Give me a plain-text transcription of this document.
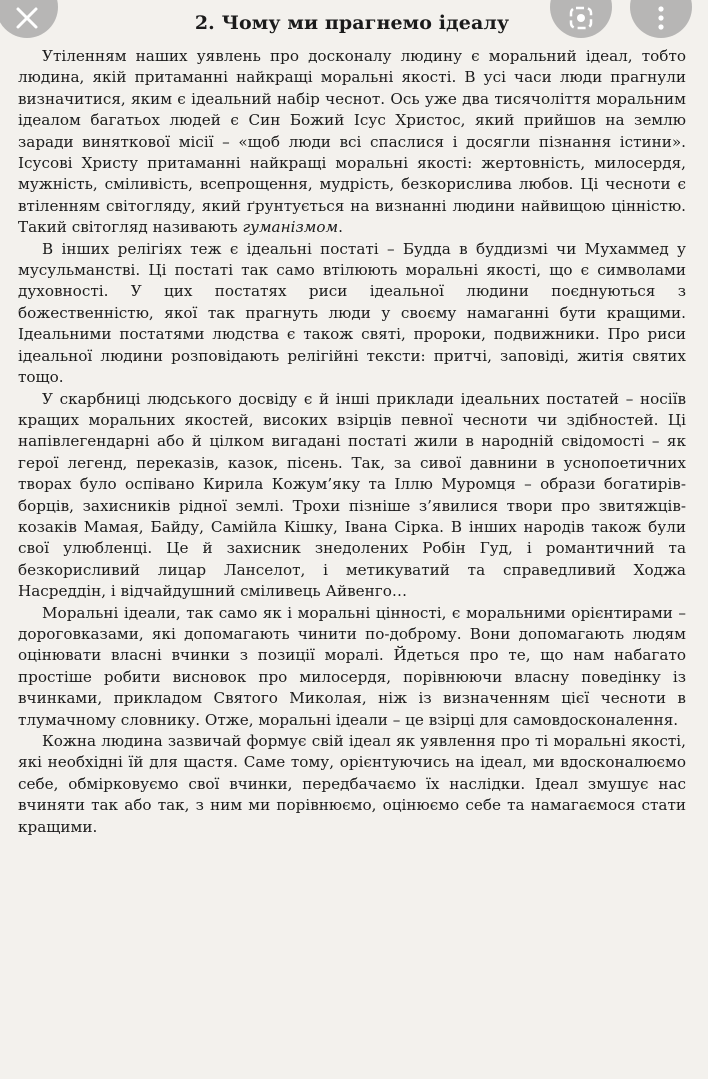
2. Чому ми прагнемо ідеалу

Утіленням наших уявлень про досконалу людину є моральний ідеал, тобто людина, якій притаманні найкращі моральні якості. В усі часи люди прагнули визначитися, яким є ідеальний набір чеснот. Ось уже два тисячоліття моральним ідеалом багатьох людей є Син Божий Ісус Христос, який прийшов на землю заради виняткової місії – «щоб люди всі спаслися і досягли пізнання істини». Ісусові Христу притаманні найкращі моральні якості: жертовність, милосердя, мужність, сміливість, всепрощення, мудрість, безкорислива любов. Ці чесноти є втіленням світогляду, який ґрунтується на визнанні людини найвищою цінністю. Такий світогляд називають гуманізмом.

В інших релігіях теж є ідеальні постаті – Будда в буддизмі чи Мухаммед у мусульманстві. Ці постаті так само втілюють моральні якості, що є символами духовності. У цих постатях риси ідеальної людини поєднуються з божественністю, якої так прагнуть люди у своєму намаганні бути кращими. Ідеальними постатями людства є також святі, пророки, подвижники. Про риси ідеальної людини розповідають релігійні тексти: притчі, заповіді, житія святих тощо.

У скарбниці людського досвіду є й інші приклади ідеальних постатей – носіїв кращих моральних якостей, високих взірців певної чесноти чи здібностей. Ці напівлегендарні або й цілком вигадані постаті жили в народній свідомості – як герої легенд, переказів, казок, пісень. Так, за сивої давнини в уснопоетичних творах було оспівано Кирила Кожум’яку та Іллю Муромця – образи богатирів-борців, захисників рідної землі. Трохи пізніше з’явилися твори про звитяжців-козаків Мамая, Байду, Самійла Кішку, Івана Сірка. В інших народів також були свої улюбленці. Це й захисник знедолених Робін Гуд, і романтичний та безкорисливий лицар Ланселот, і метикуватий та справедливий Ходжа Насреддін, і відчайдушний сміливець Айвенго…

Моральні ідеали, так само як і моральні цінності, є моральними орієнтирами – дороговказами, які допомагають чинити по-доброму. Вони допомагають людям оцінювати власні вчинки з позиції моралі. Йдеться про те, що нам набагато простіше робити висновок про милосердя, порівнюючи власну поведінку із вчинками, прикладом Святого Миколая, ніж із визначенням цієї чесноти в тлумачному словнику. Отже, моральні ідеали – це взірці для самовдосконалення.

Кожна людина зазвичай формує свій ідеал як уявлення про ті моральні якості, які необхідні їй для щастя. Саме тому, орієнтуючись на ідеал, ми вдосконалюємо себе, обмірковуємо свої вчинки, передбачаємо їх наслідки. Ідеал змушує нас вчиняти так або так, з ним ми порівнюємо, оцінюємо себе та намагаємося стати кращими.
